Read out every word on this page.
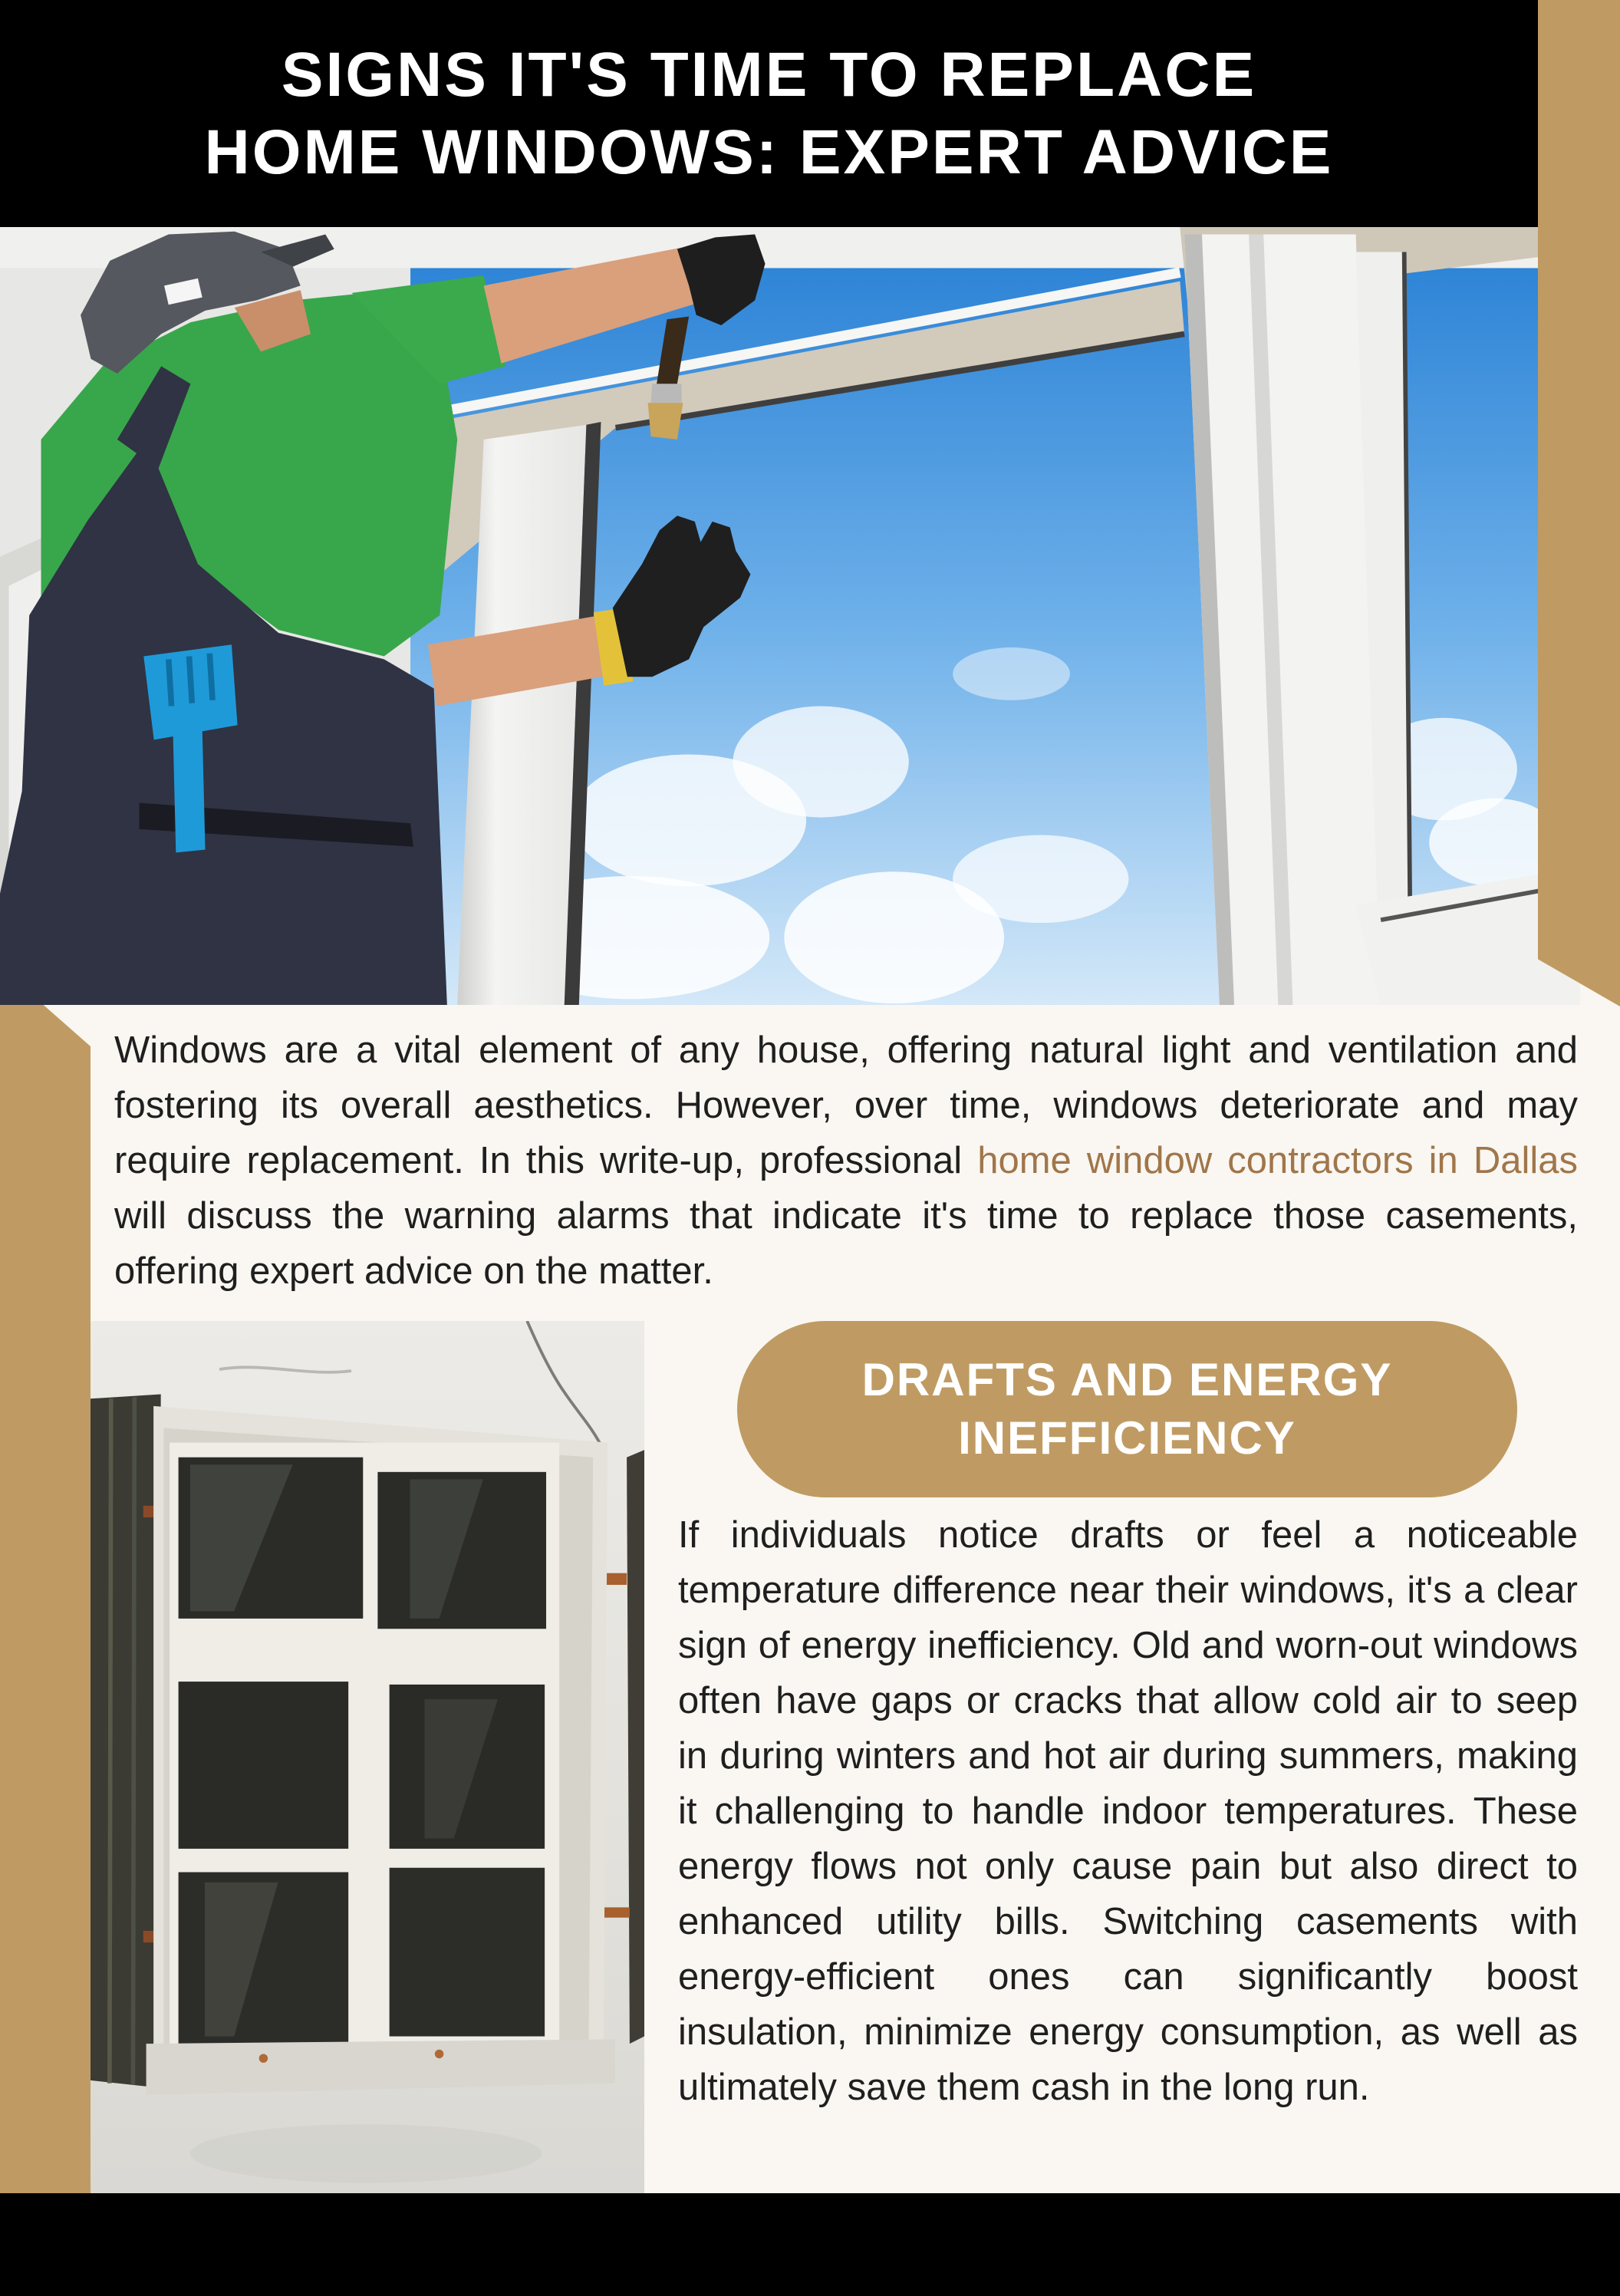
SIGNS IT'S TIME TO REPLACE
HOME WINDOWS: EXPERT ADVICE

Windows are a vital element of any house, offering natural light and ventilation and fostering its overall aesthetics. However, over time, windows deteriorate and may require replacement. In this write-up, professional home window contractors in Dallas will discuss the warning alarms that indicate it's time to replace those casements, offering expert advice on the matter.

DRAFTS AND ENERGY
INEFFICIENCY

If individuals notice drafts or feel a noticeable temperature difference near their windows, it's a clear sign of energy inefficiency. Old and worn-out windows often have gaps or cracks that allow cold air to seep in during winters and hot air during summers, making it challenging to handle indoor temperatures. These energy flows not only cause pain but also direct to enhanced utility bills. Switching casements with energy-efficient ones can significantly boost insulation, minimize energy consumption, as well as ultimately save them cash in the long run.
